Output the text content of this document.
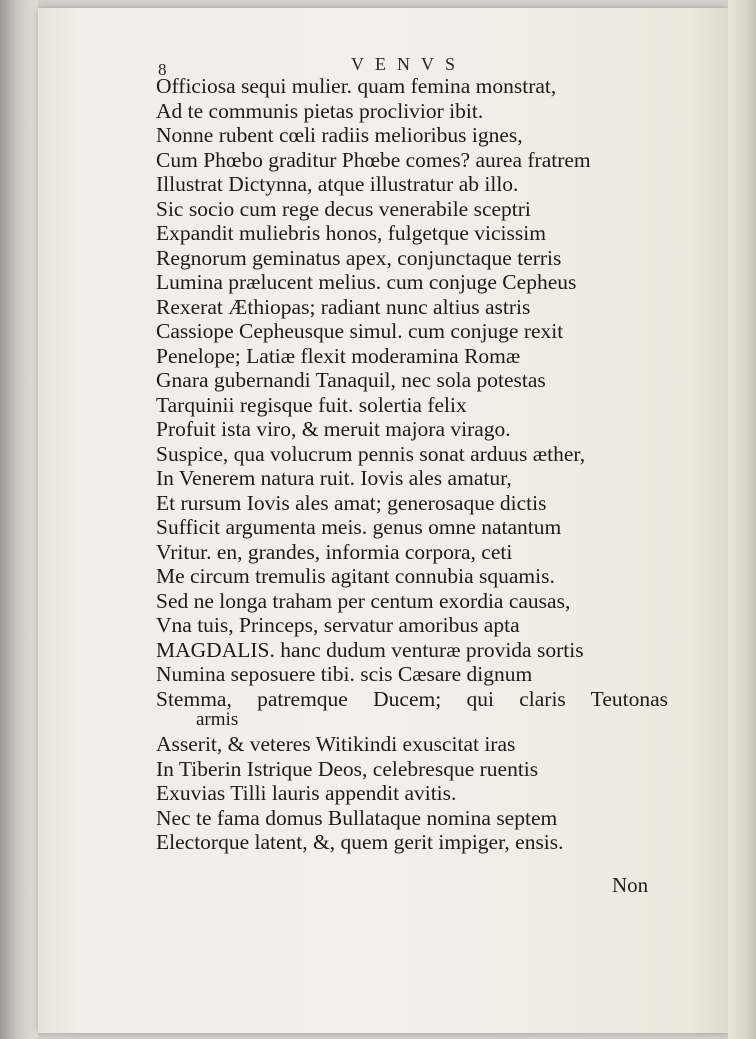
8	VENVS
Officiosa sequi mulier. quam femina monstrat,
Ad te communis pietas proclivior ibit.
Nonne rubent cœli radiis melioribus ignes,
Cum Phœbo graditur Phœbe comes? aurea fratrem
Illustrat Dictynna, atque illustratur ab illo.
Sic socio cum rege decus venerabile sceptri
Expandit muliebris honos, fulgetque vicissim
Regnorum geminatus apex, conjunctaque terris
Lumina prælucent melius. cum conjuge Cepheus
Rexerat Æthiopas; radiant nunc altius astris
Cassiope Cepheusque simul. cum conjuge rexit
Penelope; Latiæ flexit moderamina Romæ
Gnara gubernandi Tanaquil, nec sola potestas
Tarquinii regisque fuit. solertia felix
Profuit ista viro, & meruit majora virago.
Suspice, qua volucrum pennis sonat arduus æther,
In Venerem natura ruit. Iovis ales amatur,
Et rursum Iovis ales amat; generosaque dictis
Sufficit argumenta meis. genus omne natantum
Vritur. en, grandes, informia corpora, ceti
Me circum tremulis agitant connubia squamis.
Sed ne longa traham per centum exordia causas,
Vna tuis, Princeps, servatur amoribus apta
MAGDALIS. hanc dudum venturæ provida sortis
Numina seposuere tibi. scis Cæsare dignum
Stemma, patremque Ducem; qui claris Teutonas
armis
Asserit, & veteres Witikindi exuscitat iras
In Tiberin Istrique Deos, celebresque ruentis
Exuvias Tilli lauris appendit avitis.
Nec te fama domus Bullataque nomina septem
Electorque latent, &, quem gerit impiger, ensis.
Non
